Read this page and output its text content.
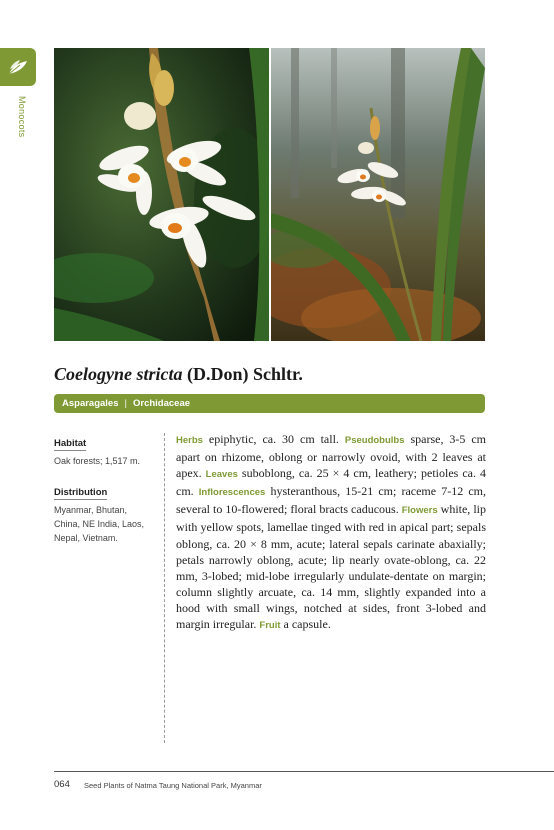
Monocots
Coelogyne stricta (D.Don) Schltr.
Asparagales | Orchidaceae
Habitat
Oak forests; 1,517 m.
Distribution
Myanmar, Bhutan, China, NE India, Laos, Nepal, Vietnam.
Herbs epiphytic, ca. 30 cm tall. Pseudobulbs sparse, 3-5 cm apart on rhizome, oblong or narrowly ovoid, with 2 leaves at apex. Leaves suboblong, ca. 25 × 4 cm, leathery; petioles ca. 4 cm. Inflorescences hysteranthous, 15-21 cm; raceme 7-12 cm, several to 10-flowered; floral bracts caducous. Flowers white, lip with yellow spots, lamellae tinged with red in apical part; sepals oblong, ca. 20 × 8 mm, acute; lateral sepals carinate abaxially; petals narrowly oblong, acute; lip nearly ovate-oblong, ca. 22 mm, 3-lobed; mid-lobe irregularly undulate-dentate on margin; column slightly arcuate, ca. 14 mm, slightly expanded into a hood with small wings, notched at sides, front 3-lobed and margin irregular. Fruit a capsule.
064 Seed Plants of Natma Taung National Park, Myanmar
